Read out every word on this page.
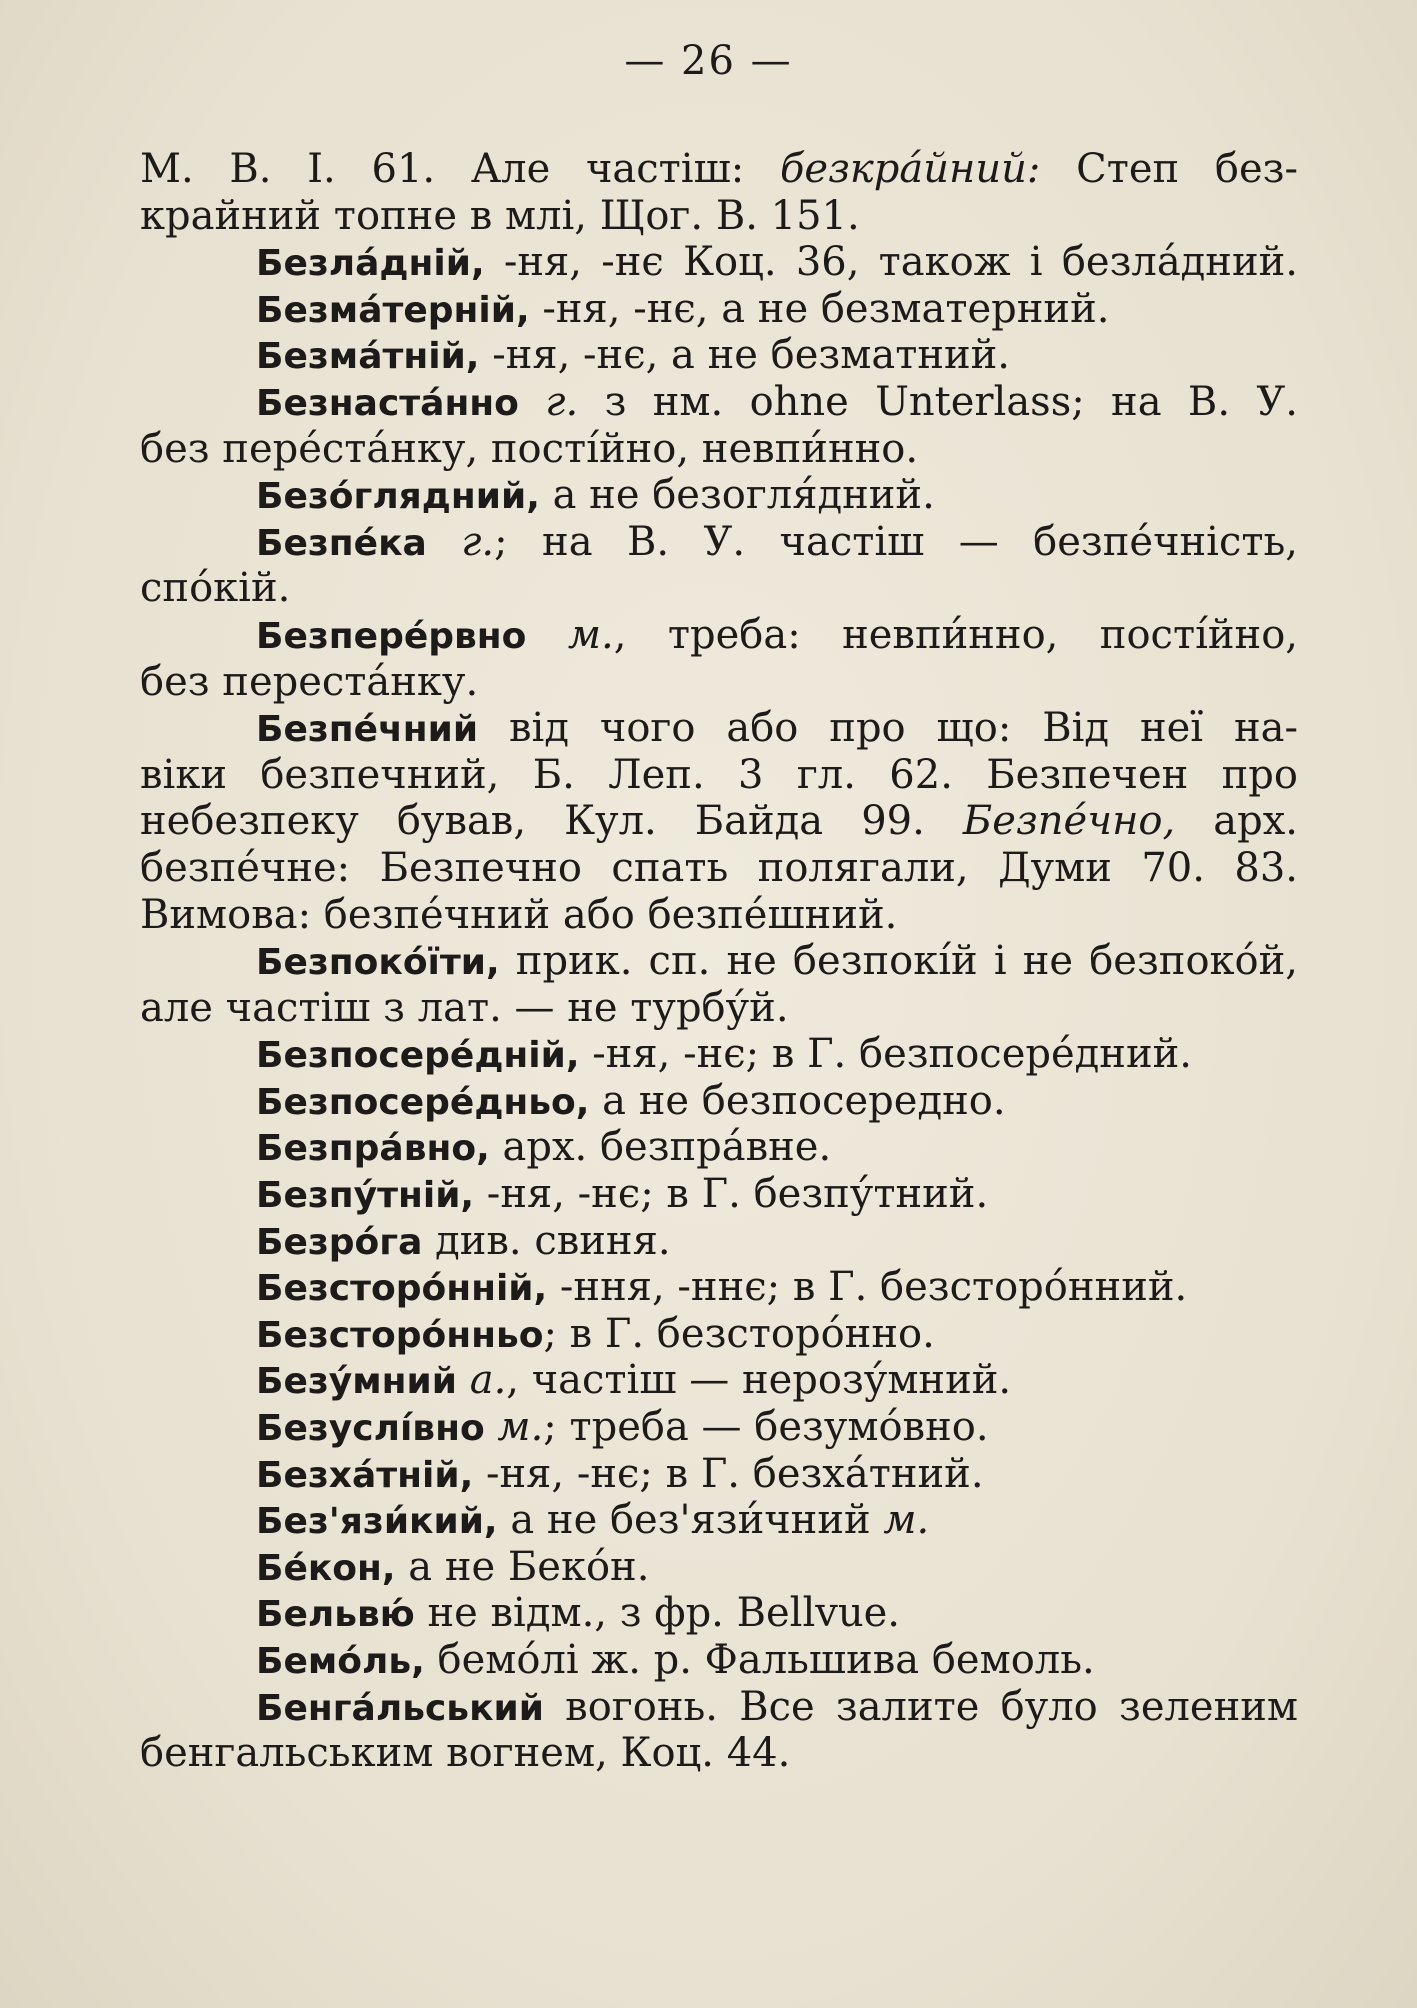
— 26 —
М. В. І. 61. Але частіш: безкра́йний: Степ без-
крайний топне в млі, Щог. В. 151.
Безла́дній, -ня, -нє Коц. 36, також і безла́дний.
Безма́терній, -ня, -нє, а не безматерний.
Безма́тній, -ня, -нє, а не безматний.
Безнаста́нно г. з нм. ohne Unterlass; на В. У.
без пере́ста́нку, пості́йно, невпи́нно.
Безо́глядний, а не безогля́дний.
Безпе́ка г.; на В. У. частіш — безпе́чність,
спо́кій.
Безпере́рвно м., треба: невпи́нно, пості́йно,
без переста́нку.
Безпе́чний від чого або про що: Від неї на-
віки безпечний, Б. Леп. 3 гл. 62. Безпечен про
небезпеку бував, Кул. Байда 99. Безпе́чно, арх.
безпе́чне: Безпечно спать полягали, Думи 70. 83.
Вимова: безпе́чний або безпе́шний.
Безпоко́їти, прик. сп. не безпокі́й і не безпоко́й,
але частіш з лат. — не турбу́й.
Безпосере́дній, -ня, -нє; в Г. безпосере́дний.
Безпосере́дньо, а не безпосередно.
Безпра́вно, арх. безпра́вне.
Безпу́тній, -ня, -нє; в Г. безпу́тний.
Безро́га див. свиня.
Безсторо́нній, -ння, -ннє; в Г. безсторо́нний.
Безсторо́нньо; в Г. безсторо́нно.
Безу́мний а., частіш — нерозу́мний.
Безуслі́вно м.; треба — безумо́вно.
Безха́тній, -ня, -нє; в Г. безха́тний.
Без'язи́кий, а не без'язи́чний м.
Бе́кон, а не Беко́н.
Бельвю́ не відм., з фр. Bellvue.
Бемо́ль, бемо́лі ж. р. Фальшива бемоль.
Бенга́льський вогонь. Все залите було зеленим
бенгальським вогнем, Коц. 44.
